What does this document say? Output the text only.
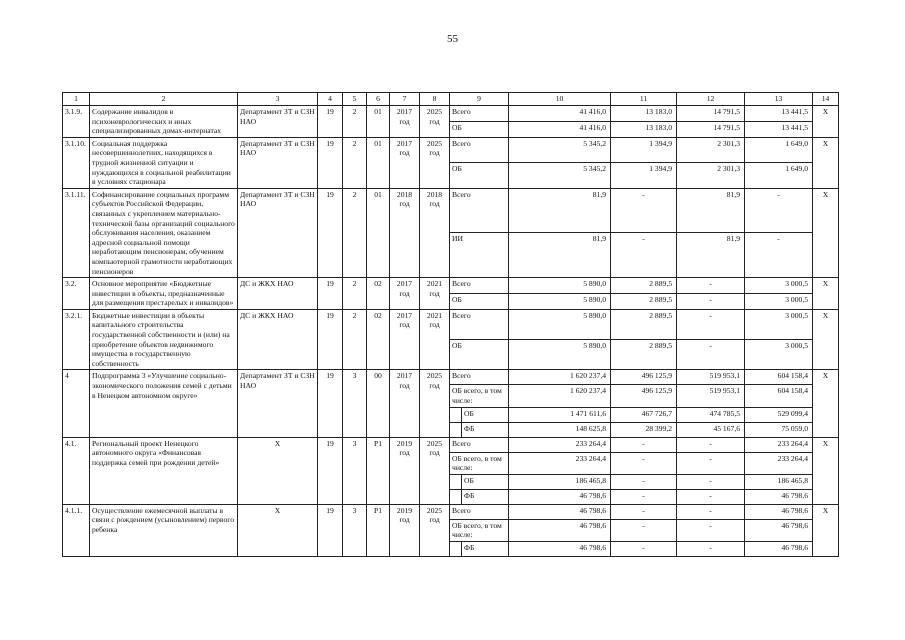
55
1	2	3	4	5	6	7	8	9		10	11	12	13	14
3.1.9.	Содержание инвалидов в психоневрологических и иных специализированных домах-интернатах	Департамент ЗТ и СЗН НАО	19	2	01	2017 год	2025 год	Всего		41 416,0	13 183,0	14 791,5	13 441,5	Х
								ОБ		41 416,0	13 183,0	14 791,5	13 441,5	
3.1.10.	Социальная поддержка несовершеннолетних, находящихся в трудной жизненной ситуации и нуждающихся в социальной реабилитации в условиях стационара	Департамент ЗТ и СЗН НАО	19	2	01	2017 год	2025 год	Всего		5 345,2	1 394,9	2 301,3	1 649,0	Х
								ОБ		5 345,2	1 394,9	2 301,3	1 649,0	
3.1.11.	Софинансирование социальных программ субъектов Российской Федерации, связанных с укреплением материально-технической базы организаций социального обслуживания населения, оказанием адресной социальной помощи неработающим пенсионерам, обучением компьютерной грамотности неработающих пенсионеров	Департамент ЗТ и СЗН НАО	19	2	01	2018 год	2018 год	Всего		81,9	-	81,9	-	Х
								ИИ		81,9	-	81,9	-	
3.2.	Основное мероприятие «Бюджетные инвестиции в объекты, предназначенные для размещения престарелых и инвалидов»	ДС и ЖКХ НАО	19	2	02	2017 год	2021 год	Всего		5 890,0	2 889,5	-	3 000,5	Х
								ОБ		5 890,0	2 889,5	-	3 000,5	
3.2.1.	Бюджетные инвестиции в объекты капитального строительства государственной собственности и (или) на приобретение объектов недвижимого имущества в государственную собственность	ДС и ЖКХ НАО	19	2	02	2017 год	2021 год	Всего		5 890,0	2 889,5	-	3 000,5	Х
								ОБ		5 890,0	2 889,5	-	3 000,5	
4	Подпрограмма 3 «Улучшение социально-экономического положения семей с детьми в Ненецком автономном округе»	Департамент ЗТ и СЗН НАО	19	3	00	2017 год	2025 год	Всего		1 620 237,4	496 125,9	519 953,1	604 158,4	Х
								ОБ всего, в том числе:		1 620 237,4	496 125,9	519 953,1	604 158,4	
									ОБ	1 471 611,6	467 726,7	474 785,5	529 099,4	
									ФБ	148 625,8	28 399,2	45 167,6	75 059,0	
4.1.	Региональный проект Ненецкого автономного округа «Финансовая поддержка семей при рождении детей»	Х	19	3	Р1	2019 год	2025 год	Всего		233 264,4	-	-	233 264,4	Х
								ОБ всего, в том числе:		233 264,4	-	-	233 264,4	
									ОБ	186 465,8	-	-	186 465,8	
									ФБ	46 798,6	-	-	46 798,6	
4.1.1.	Осуществление ежемесячной выплаты в связи с рождением (усыновлением) первого ребенка	Х	19	3	Р1	2019 год	2025 год	Всего		46 798,6	-	-	46 798,6	Х
								ОБ всего, в том числе:		46 798,6	-	-	46 798,6	
									ФБ	46 798,6	-	-	46 798,6	
